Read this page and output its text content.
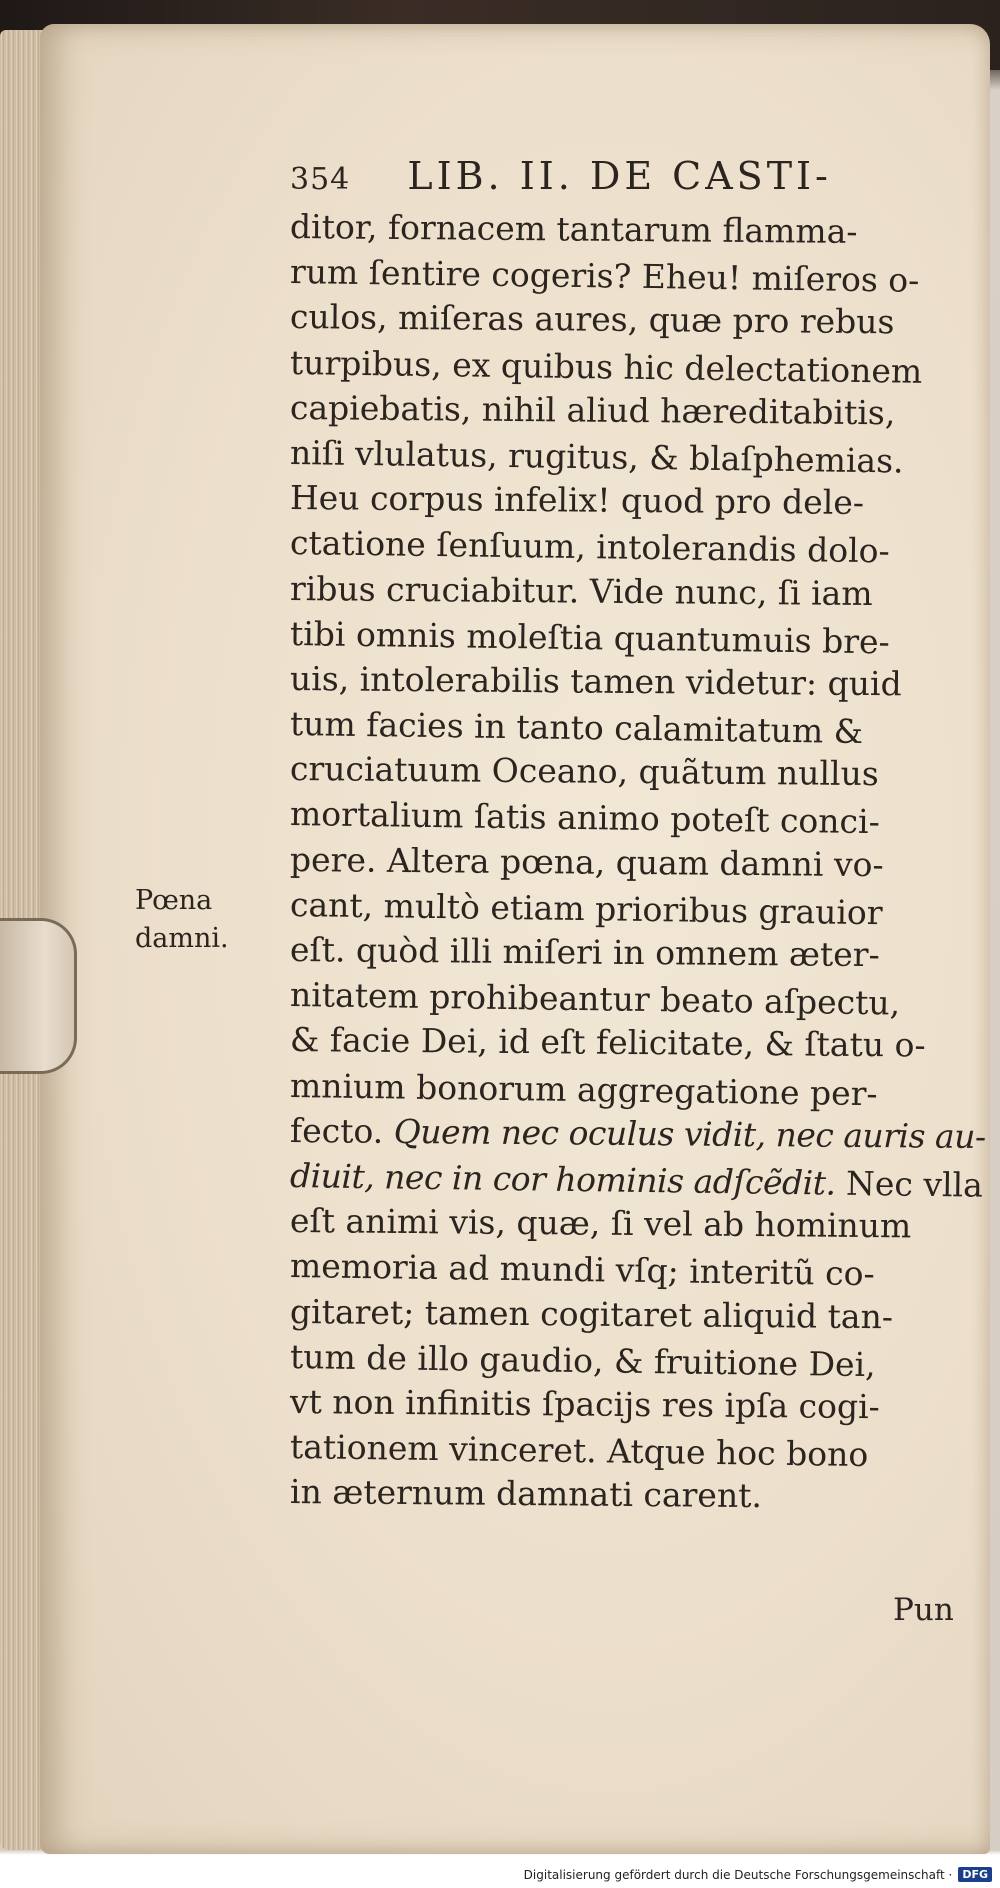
354 LIB. II. DE CASTI-
ditor, fornacem tantarum flamma-
rum ſentire cogeris? Eheu! miſeros o-
culos, miſeras aures, quæ pro rebus
turpibus, ex quibus hic delectationem
capiebatis, nihil aliud hæreditabitis,
niſi vlulatus, rugitus, & blaſphemias.
Heu corpus infelix! quod pro dele-
ctatione ſenſuum, intolerandis dolo-
ribus cruciabitur. Vide nunc, ſi iam
tibi omnis moleſtia quantumuis bre-
uis, intolerabilis tamen videtur: quid
tum facies in tanto calamitatum &
cruciatuum Oceano, quãtum nullus
mortalium ſatis animo poteſt conci-
pere. Altera pœna, quam damni vo-
cant, multò etiam prioribus grauior
eſt. quòd illi miſeri in omnem æter-
nitatem prohibeantur beato aſpectu,
& facie Dei, id eſt felicitate, & ſtatu o-
mnium bonorum aggregatione per-
fecto. Quem nec oculus vidit, nec auris au-
diuit, nec in cor hominis adſcẽdit. Nec vlla
eſt animi vis, quæ, ſi vel ab hominum
memoria ad mundi vſq; interitũ co-
gitaret; tamen cogitaret aliquid tan-
tum de illo gaudio, & fruitione Dei,
vt non infinitis ſpacijs res ipſa cogi-
tationem vinceret. Atque hoc bono
in æternum damnati carent.
Pœna
damni.
Pun
Digitalisierung gefördert durch die Deutsche Forschungsgemeinschaft · DFG
